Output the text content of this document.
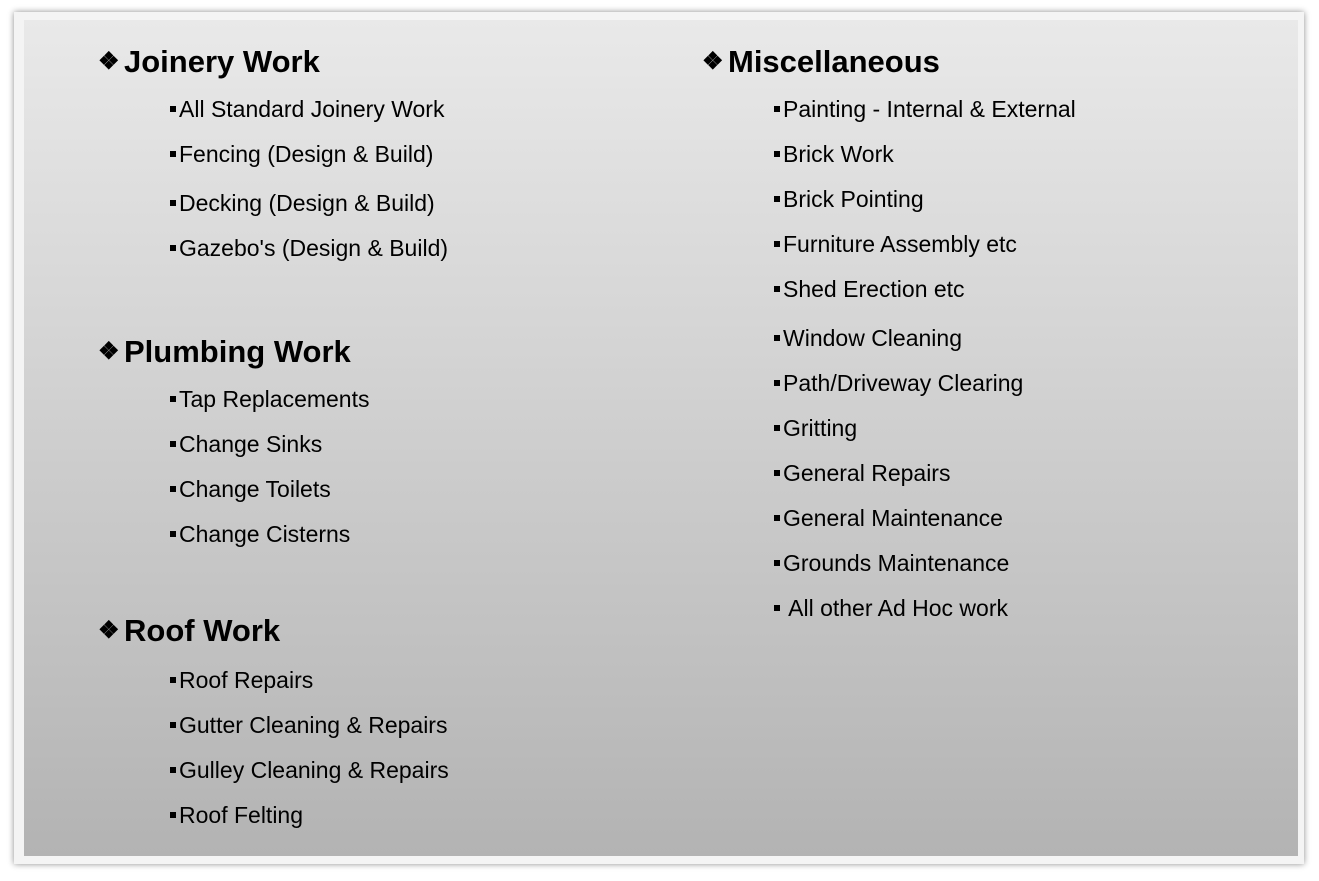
❖ Joinery Work
All Standard Joinery Work
Fencing (Design & Build)
Decking (Design & Build)
Gazebo's (Design & Build)
❖ Plumbing Work
Tap Replacements
Change Sinks
Change Toilets
Change Cisterns
❖ Roof Work
Roof Repairs
Gutter Cleaning & Repairs
Gulley Cleaning & Repairs
Roof Felting
❖ Miscellaneous
Painting - Internal & External
Brick Work
Brick Pointing
Furniture Assembly etc
Shed Erection etc
Window Cleaning
Path/Driveway Clearing
Gritting
General Repairs
General Maintenance
Grounds Maintenance
All other Ad Hoc work
